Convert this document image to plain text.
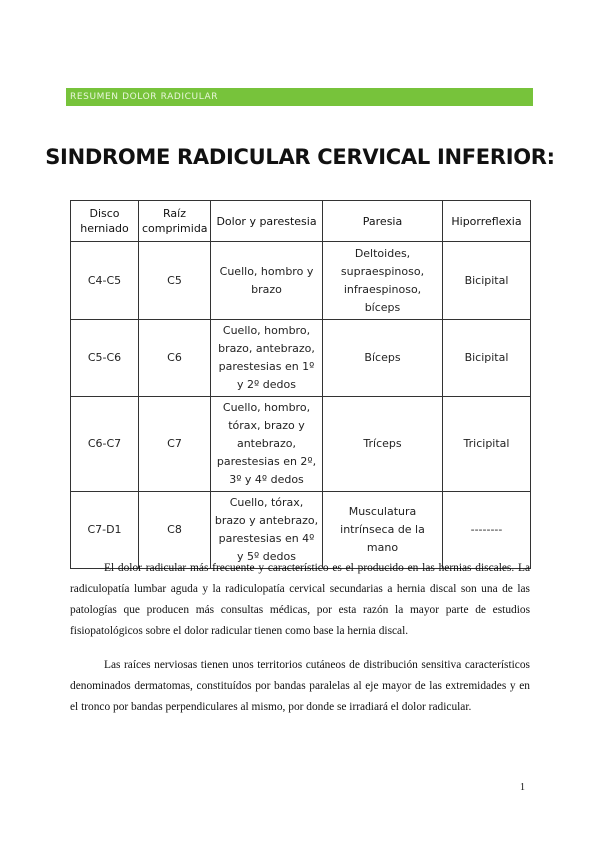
RESUMEN DOLOR RADICULAR
SINDROME RADICULAR CERVICAL INFERIOR:
Disco herniado	Raíz comprimida	Dolor y parestesia	Paresia	Hiporreflexia
C4-C5	C5	Cuello, hombro y brazo	Deltoides, supraespinoso, infraespinoso, bíceps	Bicipital
C5-C6	C6	Cuello, hombro, brazo, antebrazo, parestesias en 1º y 2º dedos	Bíceps	Bicipital
C6-C7	C7	Cuello, hombro, tórax, brazo y antebrazo, parestesias en 2º, 3º y 4º dedos	Tríceps	Tricipital
C7-D1	C8	Cuello, tórax, brazo y antebrazo, parestesias en 4º y 5º dedos	Musculatura intrínseca de la mano	--------

El dolor radicular más frecuente y característico es el producido en las hernias discales. La radiculopatía lumbar aguda y la radiculopatía cervical secundarias a hernia discal son una de las patologías que producen más consultas médicas, por esta razón la mayor parte de estudios fisiopatológicos sobre el dolor radicular tienen como base la hernia discal.

Las raíces nerviosas tienen unos territorios cutáneos de distribución sensitiva característicos denominados dermatomas, constituídos por bandas paralelas al eje mayor de las extremidades y en el tronco por bandas perpendiculares al mismo, por donde se irradiará el dolor radicular.

1
